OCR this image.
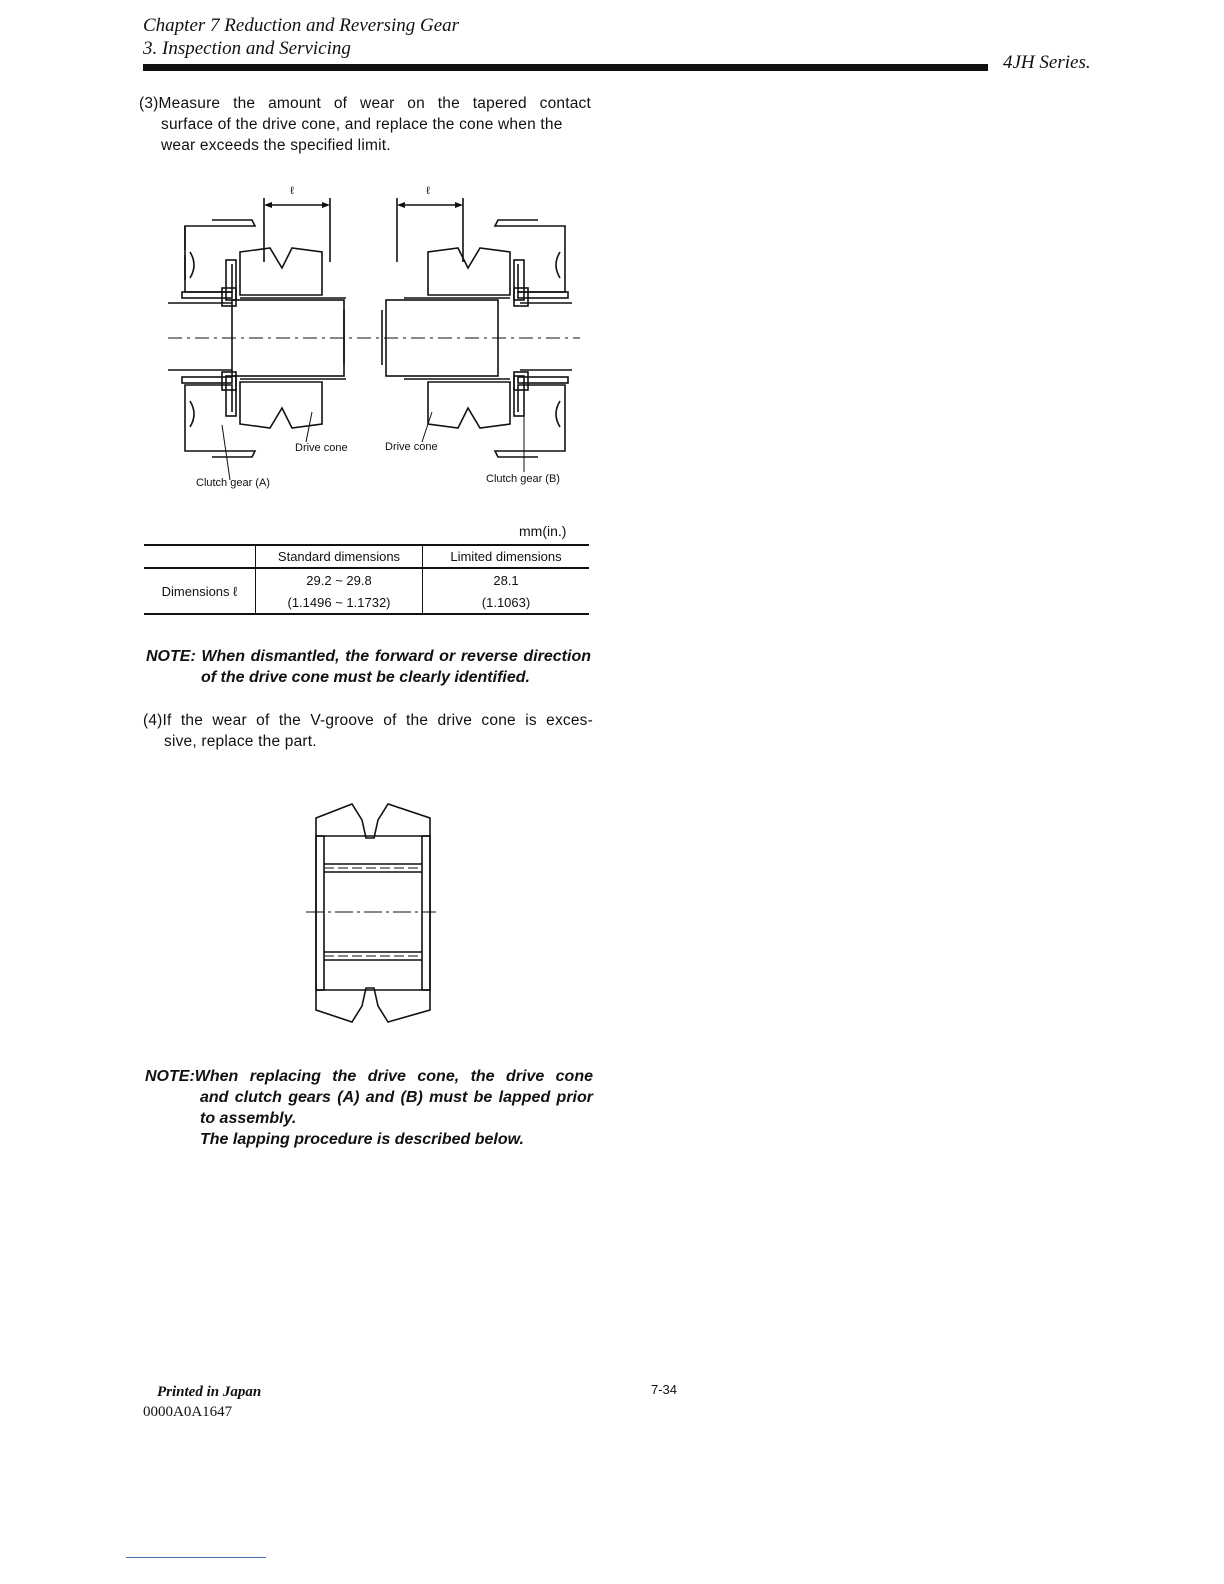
Chapter 7 Reduction and Reversing Gear
3. Inspection and Servicing
4JH Series.
(3)Measure the amount of wear on the tapered contact
surface of the drive cone, and replace the cone when the
wear exceeds the specified limit.
ℓ	ℓ
Drive cone	Drive cone
Clutch gear (A)	Clutch gear (B)
mm(in.)
	Standard dimensions	Limited dimensions
Dimensions ℓ	29.2 ~ 29.8	28.1
	(1.1496 ~ 1.1732)	(1.1063)
NOTE: When dismantled, the forward or reverse direction
of the drive cone must be clearly identified.
(4)If the wear of the V-groove of the drive cone is exces-
sive, replace the part.
NOTE:When replacing the drive cone, the drive cone
and clutch gears (A) and (B) must be lapped prior
to assembly.
The lapping procedure is described below.
Printed in Japan
0000A0A1647
7-34
